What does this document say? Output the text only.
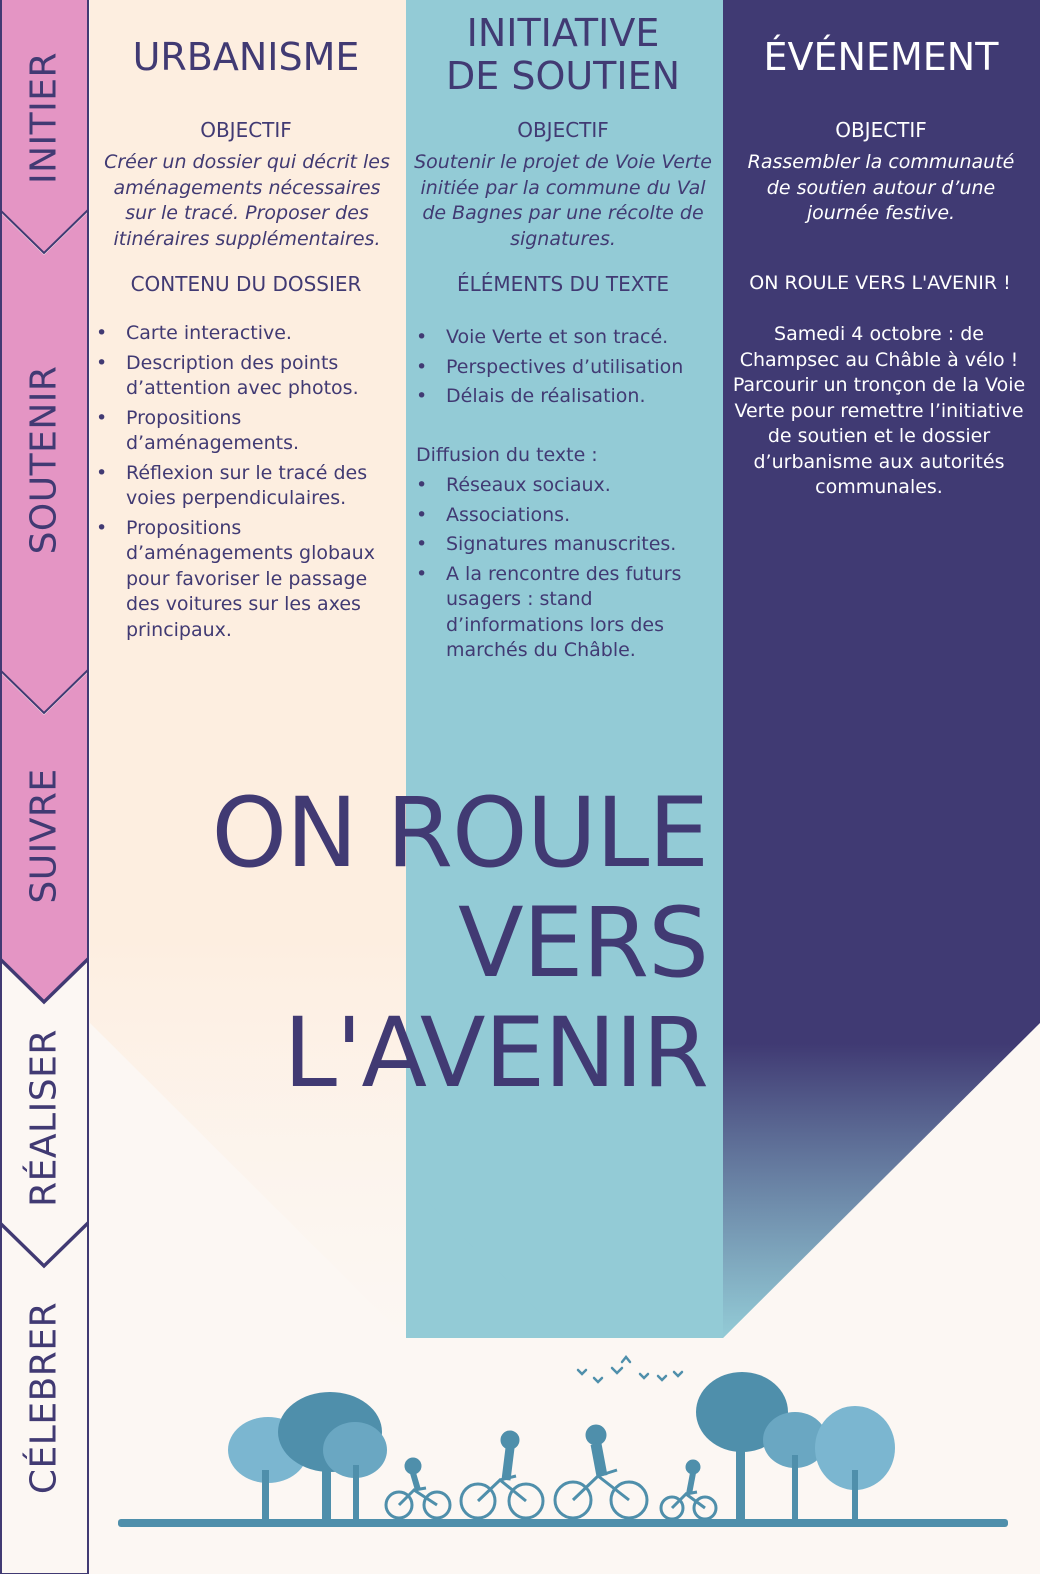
INITIER
SOUTENIR
SUIVRE
RÉALISER
CÉLEBRER
URBANISME
OBJECTIF
Créer un dossier qui décrit les aménagements nécessaires sur le tracé. Proposer des itinéraires supplémentaires.
CONTENU DU DOSSIER
• Carte interactive.
• Description des points d’attention avec photos.
• Propositions d’aménagements.
• Réflexion sur le tracé des voies perpendiculaires.
• Propositions d’aménagements globaux pour favoriser le passage des voitures sur les axes principaux.
INITIATIVE
DE SOUTIEN
OBJECTIF
Soutenir le projet de Voie Verte initiée par la commune du Val de Bagnes par une récolte de signatures.
ÉLÉMENTS DU TEXTE
• Voie Verte et son tracé.
• Perspectives d’utilisation
• Délais de réalisation.
Diffusion du texte :
• Réseaux sociaux.
• Associations.
• Signatures manuscrites.
• A la rencontre des futurs usagers : stand d’informations lors des marchés du Châble.
ÉVÉNEMENT
OBJECTIF
Rassembler la communauté de soutien autour d’une journée festive.
ON ROULE VERS L'AVENIR !
Samedi 4 octobre : de Champsec au Châble à vélo ! Parcourir un tronçon de la Voie Verte pour remettre l’initiative de soutien et le dossier d’urbanisme aux autorités communales.
ON ROULE
VERS
L'AVENIR
